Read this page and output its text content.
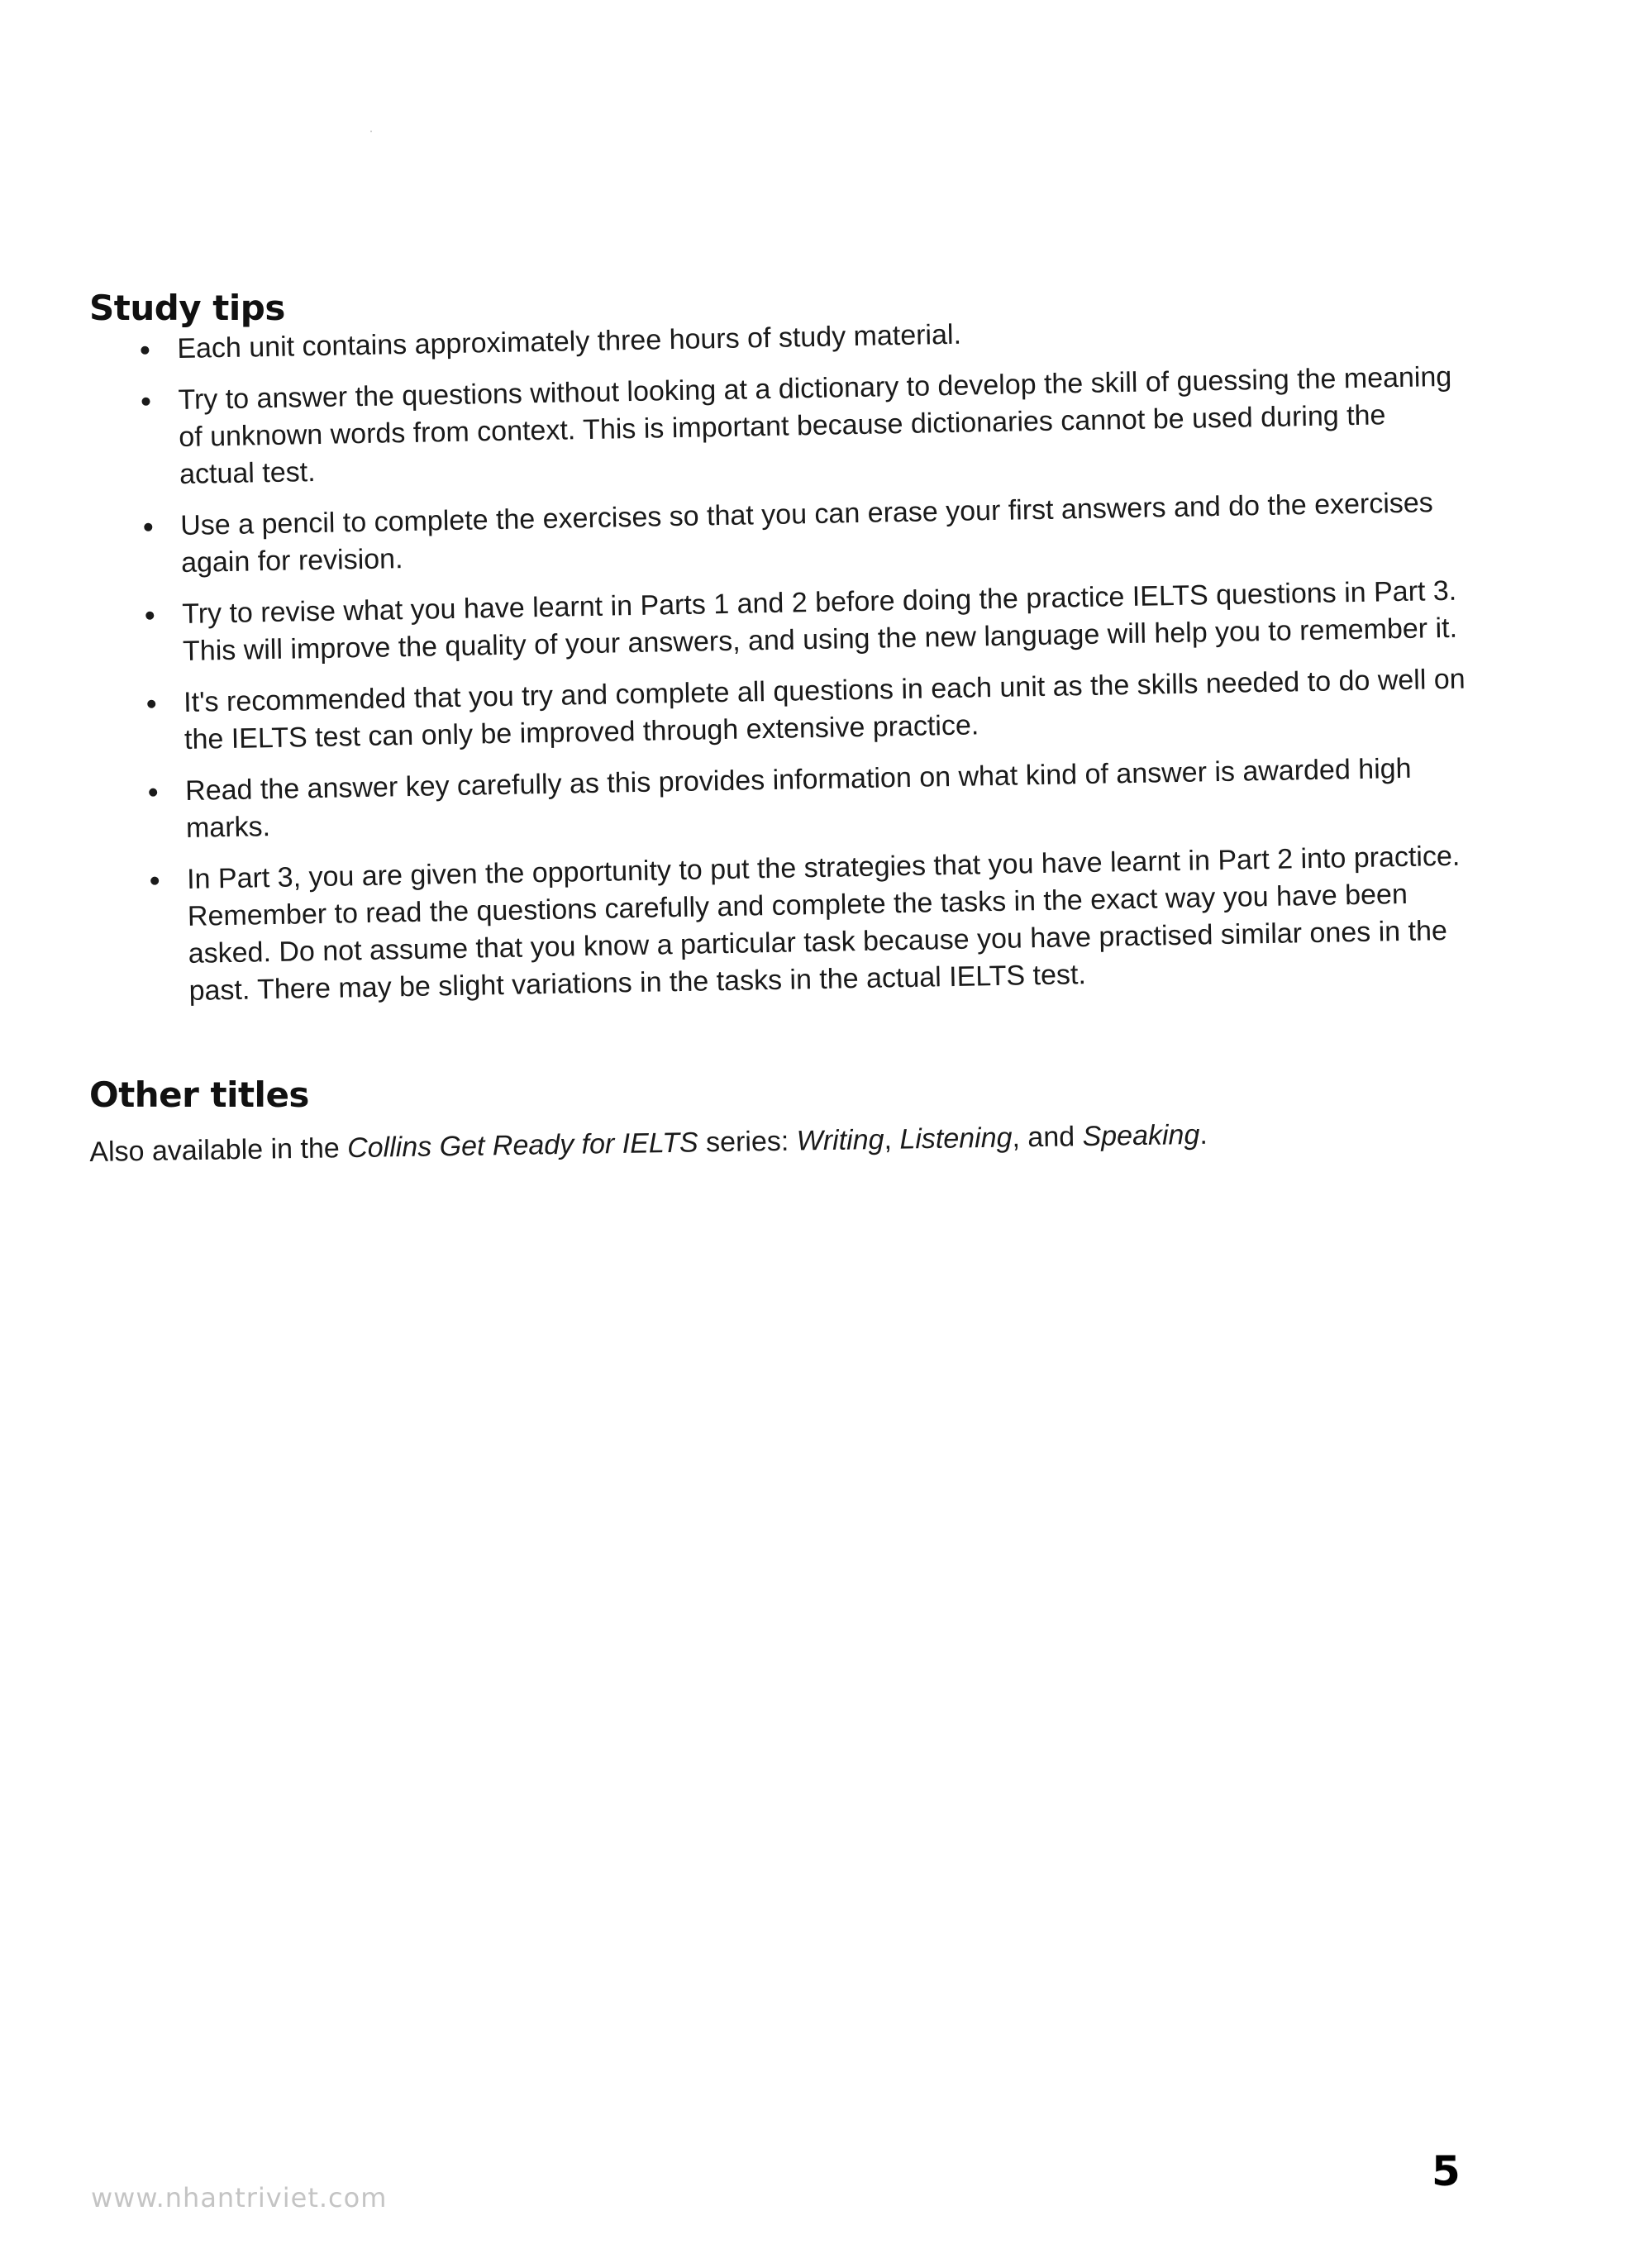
Study tips
Each unit contains approximately three hours of study material.
Try to answer the questions without looking at a dictionary to develop the skill of guessing the meaning of unknown words from context. This is important because dictionaries cannot be used during the actual test.
Use a pencil to complete the exercises so that you can erase your first answers and do the exercises again for revision.
Try to revise what you have learnt in Parts 1 and 2 before doing the practice IELTS questions in Part 3. This will improve the quality of your answers, and using the new language will help you to remember it.
It's recommended that you try and complete all questions in each unit as the skills needed to do well on the IELTS test can only be improved through extensive practice.
Read the answer key carefully as this provides information on what kind of answer is awarded high marks.
In Part 3, you are given the opportunity to put the strategies that you have learnt in Part 2 into practice. Remember to read the questions carefully and complete the tasks in the exact way you have been asked. Do not assume that you know a particular task because you have practised similar ones in the past. There may be slight variations in the tasks in the actual IELTS test.
Other titles

Also available in the Collins Get Ready for IELTS series: Writing, Listening, and Speaking.

www.nhantriviet.com
5
